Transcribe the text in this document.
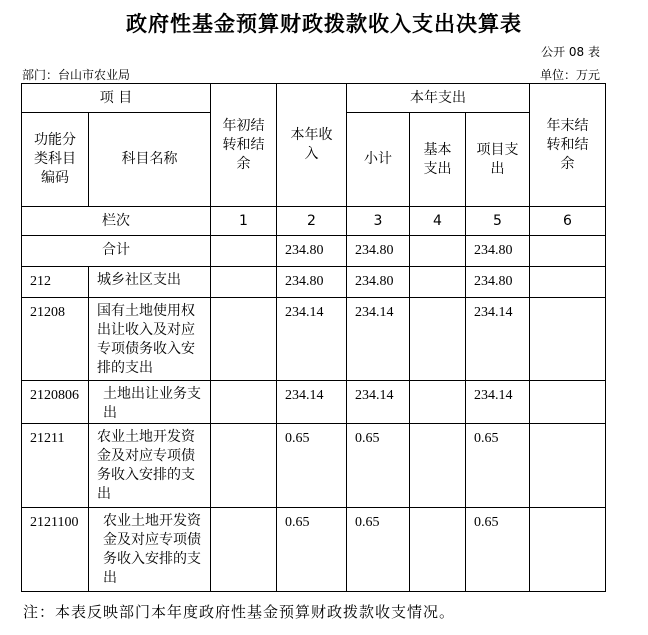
政府性基金预算财政拨款收入支出决算表
公开 08 表
部门：台山市农业局	单位：万元
项 目		年初结转和结余	本年收入	本年支出			年末结转和结余
功能分类科目编码	科目名称			小计	基本支出	项目支出	
栏次		1	2	3	4	5	6
合计			234.80	234.80		234.80	
212	城乡社区支出		234.80	234.80		234.80	
21208	国有土地使用权出让收入及对应专项债务收入安排的支出		234.14	234.14		234.14	
2120806	土地出让业务支出		234.14	234.14		234.14	
21211	农业土地开发资金及对应专项债务收入安排的支出		0.65	0.65		0.65	
2121100	农业土地开发资金及对应专项债务收入安排的支出		0.65	0.65		0.65	
注：本表反映部门本年度政府性基金预算财政拨款收支情况。
